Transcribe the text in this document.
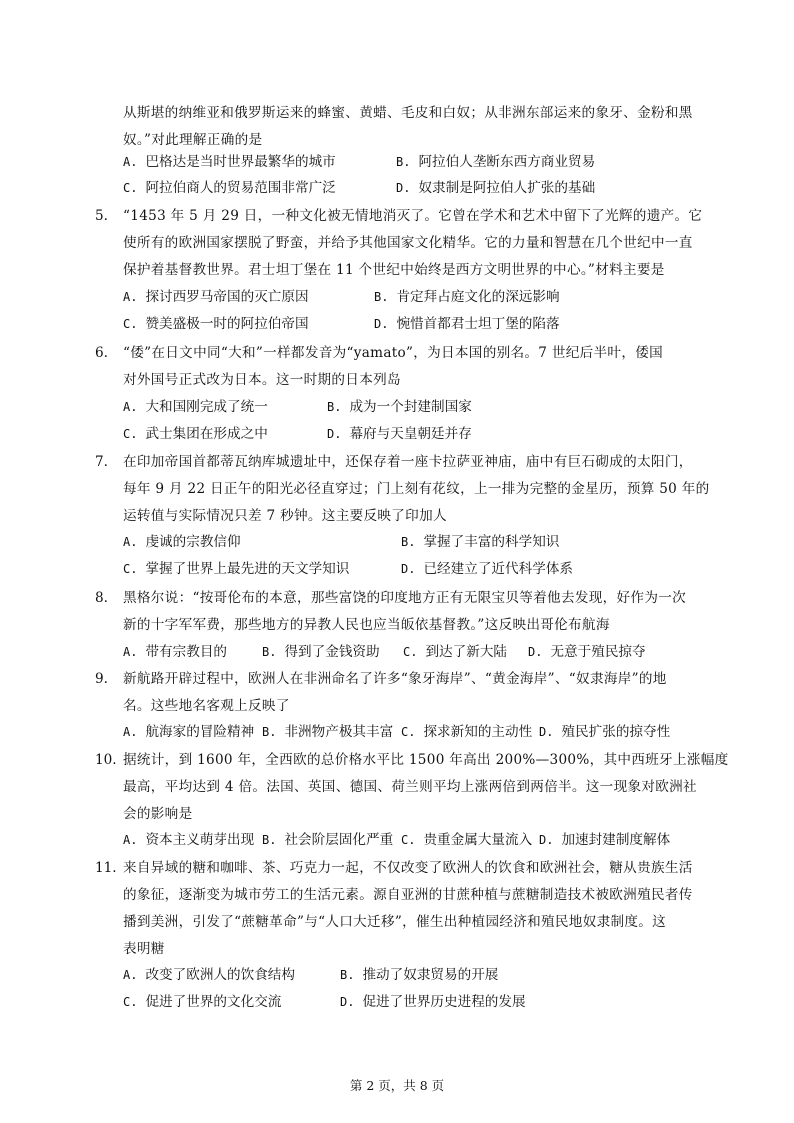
从斯堪的纳维亚和俄罗斯运来的蜂蜜、黄蜡、毛皮和白奴；从非洲东部运来的象牙、金粉和黑
奴。”对此理解正确的是
A. 巴格达是当时世界最繁华的城市	B. 阿拉伯人垄断东西方商业贸易
C. 阿拉伯商人的贸易范围非常广泛	D. 奴隶制是阿拉伯人扩张的基础
5. “1453 年 5 月 29 日，一种文化被无情地消灭了。它曾在学术和艺术中留下了光辉的遗产。它
使所有的欧洲国家摆脱了野蛮，并给予其他国家文化精华。它的力量和智慧在几个世纪中一直
保护着基督教世界。君士坦丁堡在 11 个世纪中始终是西方文明世界的中心。”材料主要是
A. 探讨西罗马帝国的灭亡原因	B. 肯定拜占庭文化的深远影响
C. 赞美盛极一时的阿拉伯帝国	D. 惋惜首都君士坦丁堡的陷落
6. “倭”在日文中同“大和”一样都发音为“yamato”，为日本国的别名。7 世纪后半叶，倭国
对外国号正式改为日本。这一时期的日本列岛
A. 大和国刚完成了统一	B. 成为一个封建制国家
C. 武士集团在形成之中	D. 幕府与天皇朝廷并存
7. 在印加帝国首都蒂瓦纳库城遗址中，还保存着一座卡拉萨亚神庙，庙中有巨石砌成的太阳门，
每年 9 月 22 日正午的阳光必径直穿过；门上刻有花纹，上一排为完整的金星历，预算 50 年的
运转值与实际情况只差 7 秒钟。这主要反映了印加人
A. 虔诚的宗教信仰	B. 掌握了丰富的科学知识
C. 掌握了世界上最先进的天文学知识	D. 已经建立了近代科学体系
8. 黑格尔说：“按哥伦布的本意，那些富饶的印度地方正有无限宝贝等着他去发现，好作为一次
新的十字军军费，那些地方的异教人民也应当皈依基督教。”这反映出哥伦布航海
A. 带有宗教目的	B. 得到了金钱资助 C. 到达了新大陆 D. 无意于殖民掠夺
9. 新航路开辟过程中，欧洲人在非洲命名了许多“象牙海岸”、“黄金海岸”、“奴隶海岸”的地
名。这些地名客观上反映了
A. 航海家的冒险精神 B. 非洲物产极其丰富 C. 探求新知的主动性 D. 殖民扩张的掠夺性
10. 据统计，到 1600 年，全西欧的总价格水平比 1500 年高出 200%—300%，其中西班牙上涨幅度
最高，平均达到 4 倍。法国、英国、德国、荷兰则平均上涨两倍到两倍半。这一现象对欧洲社
会的影响是
A. 资本主义萌芽出现 B. 社会阶层固化严重 C. 贵重金属大量流入 D. 加速封建制度解体
11. 来自异域的糖和咖啡、茶、巧克力一起，不仅改变了欧洲人的饮食和欧洲社会，糖从贵族生活
的象征，逐渐变为城市劳工的生活元素。源自亚洲的甘蔗种植与蔗糖制造技术被欧洲殖民者传
播到美洲，引发了“蔗糖革命”与“人口大迁移”，催生出种植园经济和殖民地奴隶制度。这
表明糖
A. 改变了欧洲人的饮食结构	B. 推动了奴隶贸易的开展
C. 促进了世界的文化交流	D. 促进了世界历史进程的发展
第 2 页，共 8 页
